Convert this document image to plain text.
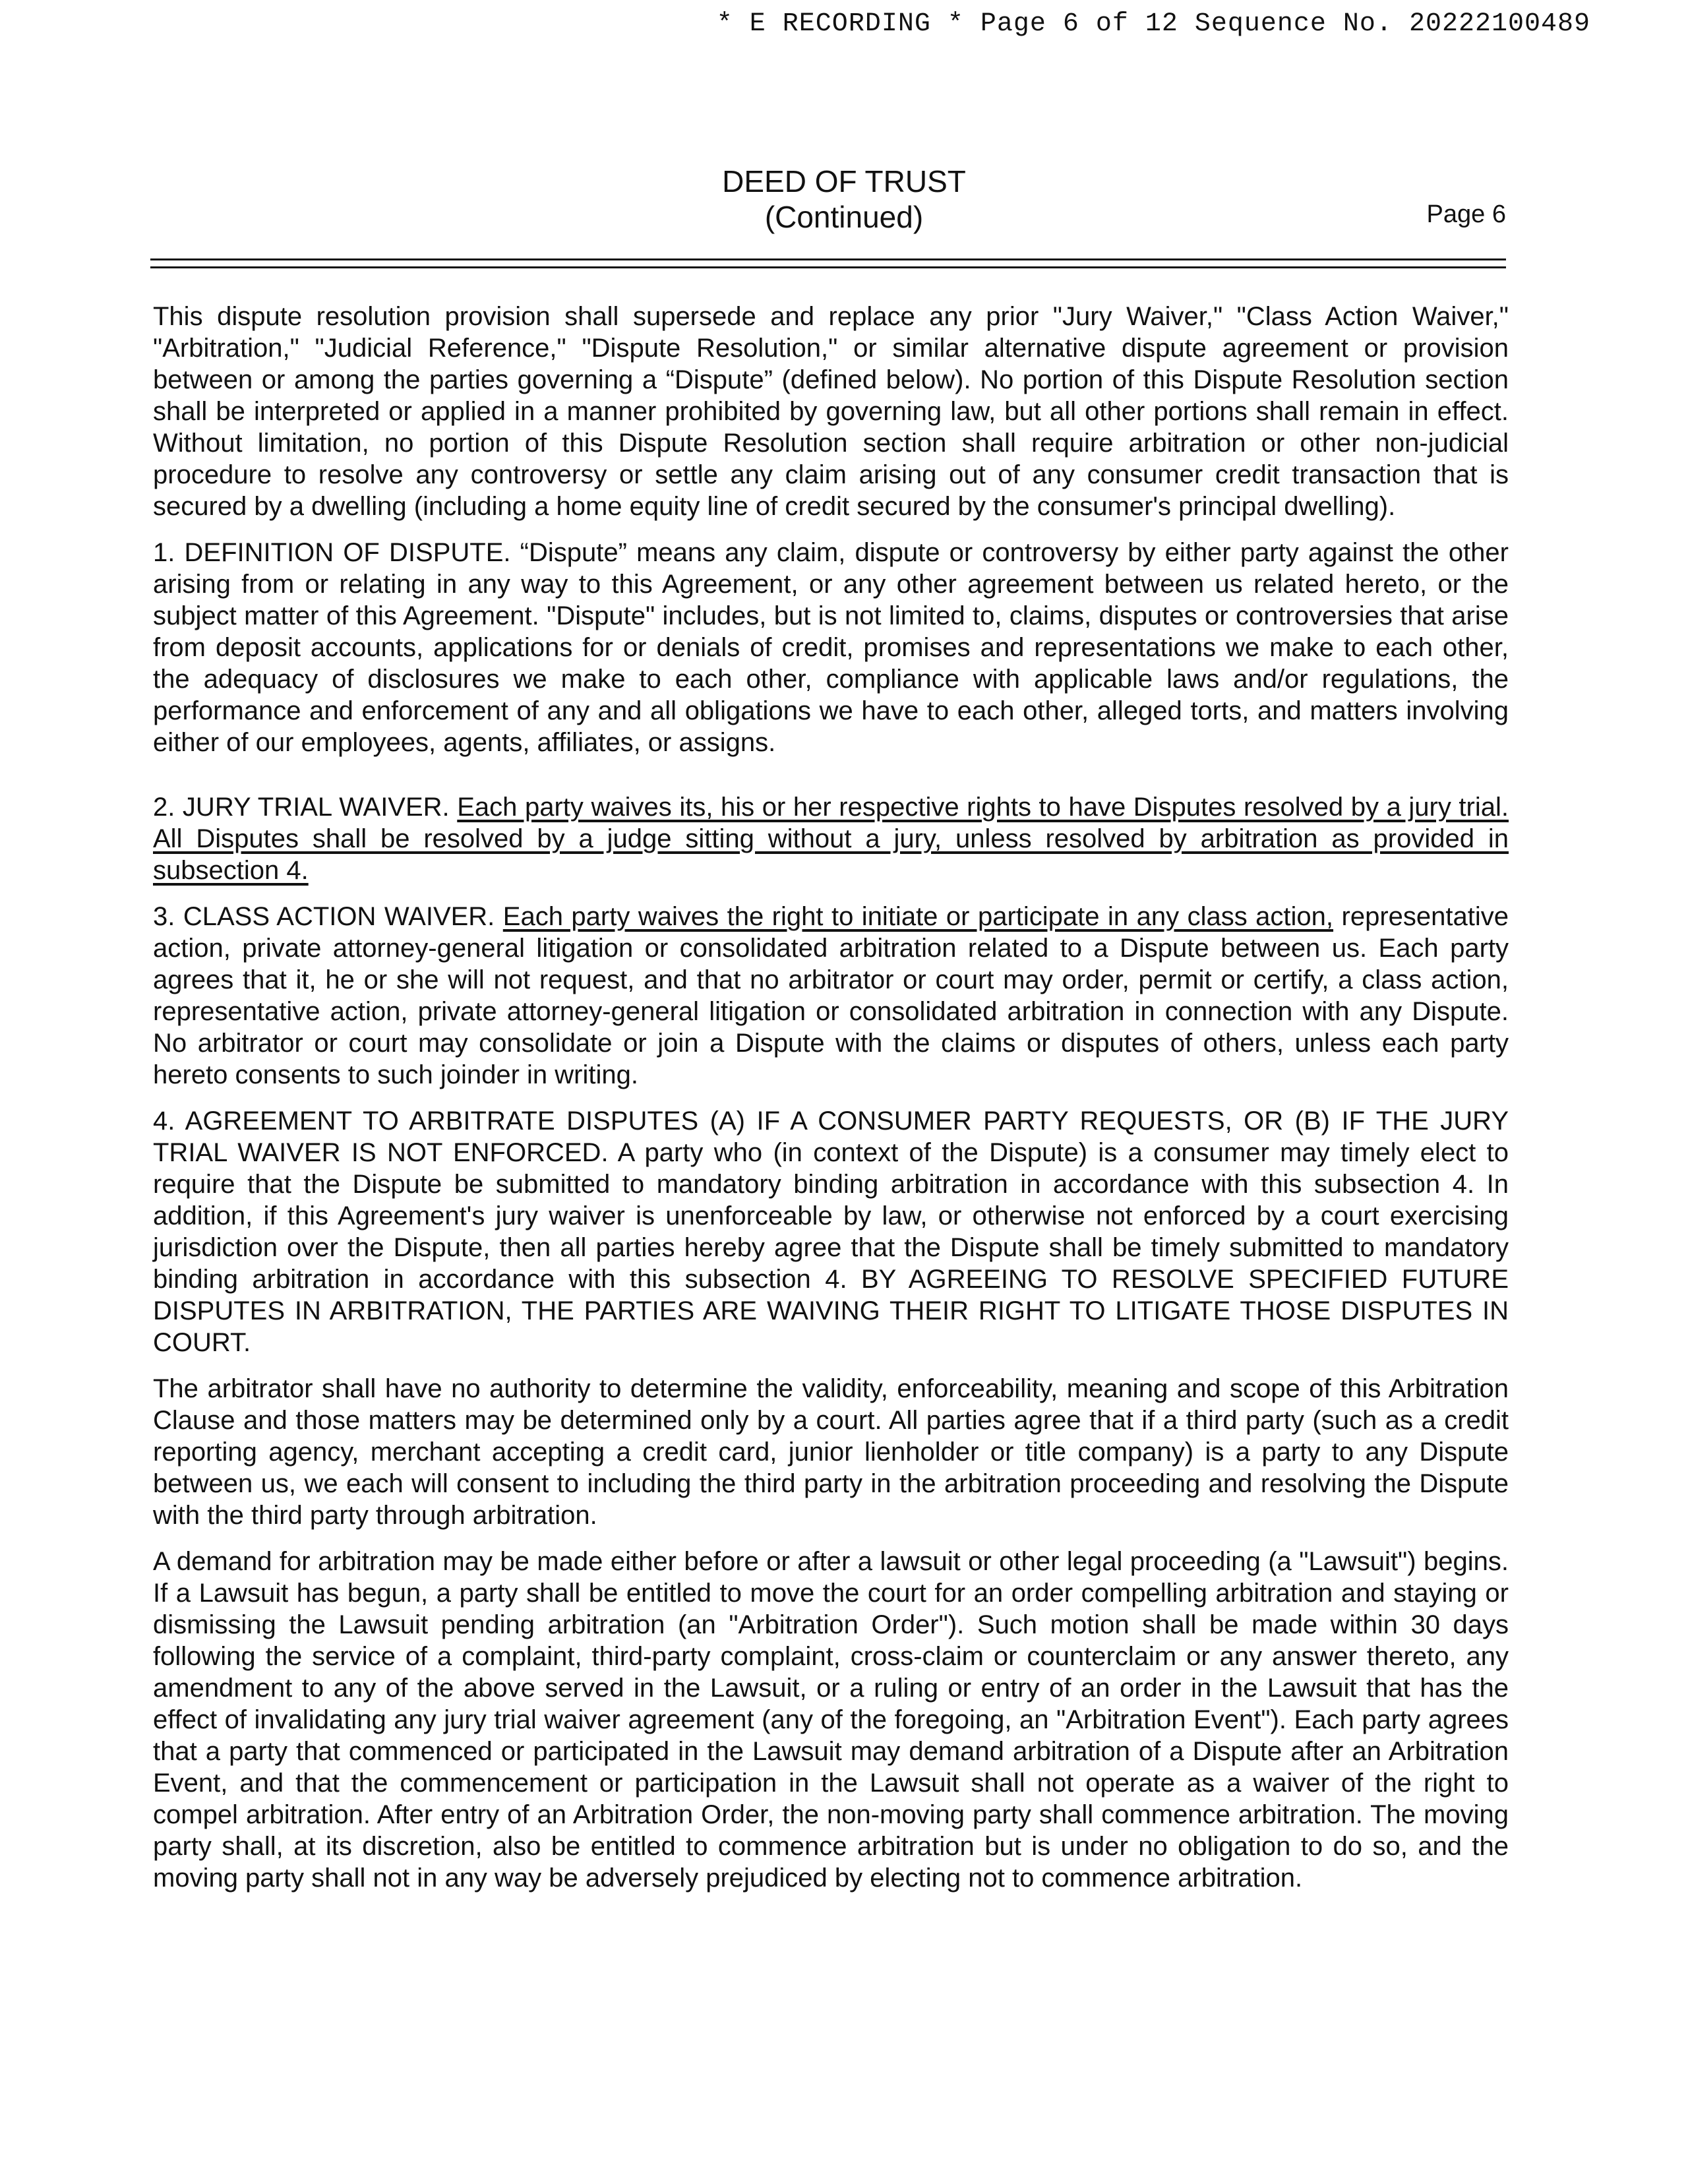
* E RECORDING * Page 6 of 12 Sequence No. 20222100489
DEED OF TRUST
(Continued)	Page 6

This dispute resolution provision shall supersede and replace any prior "Jury Waiver," "Class Action Waiver," "Arbitration," "Judicial Reference," "Dispute Resolution," or similar alternative dispute agreement or provision between or among the parties governing a “Dispute” (defined below). No portion of this Dispute Resolution section shall be interpreted or applied in a manner prohibited by governing law, but all other portions shall remain in effect. Without limitation, no portion of this Dispute Resolution section shall require arbitration or other non-judicial procedure to resolve any controversy or settle any claim arising out of any consumer credit transaction that is secured by a dwelling (including a home equity line of credit secured by the consumer's principal dwelling).

1. DEFINITION OF DISPUTE. “Dispute” means any claim, dispute or controversy by either party against the other arising from or relating in any way to this Agreement, or any other agreement between us related hereto, or the subject matter of this Agreement. "Dispute" includes, but is not limited to, claims, disputes or controversies that arise from deposit accounts, applications for or denials of credit, promises and representations we make to each other, the adequacy of disclosures we make to each other, compliance with applicable laws and/or regulations, the performance and enforcement of any and all obligations we have to each other, alleged torts, and matters involving either of our employees, agents, affiliates, or assigns.

2. JURY TRIAL WAIVER. Each party waives its, his or her respective rights to have Disputes resolved by a jury trial. All Disputes shall be resolved by a judge sitting without a jury, unless resolved by arbitration as provided in subsection 4.

3. CLASS ACTION WAIVER. Each party waives the right to initiate or participate in any class action, representative action, private attorney-general litigation or consolidated arbitration related to a Dispute between us. Each party agrees that it, he or she will not request, and that no arbitrator or court may order, permit or certify, a class action, representative action, private attorney-general litigation or consolidated arbitration in connection with any Dispute. No arbitrator or court may consolidate or join a Dispute with the claims or disputes of others, unless each party hereto consents to such joinder in writing.

4. AGREEMENT TO ARBITRATE DISPUTES (A) IF A CONSUMER PARTY REQUESTS, OR (B) IF THE JURY TRIAL WAIVER IS NOT ENFORCED. A party who (in context of the Dispute) is a consumer may timely elect to require that the Dispute be submitted to mandatory binding arbitration in accordance with this subsection 4. In addition, if this Agreement's jury waiver is unenforceable by law, or otherwise not enforced by a court exercising jurisdiction over the Dispute, then all parties hereby agree that the Dispute shall be timely submitted to mandatory binding arbitration in accordance with this subsection 4. BY AGREEING TO RESOLVE SPECIFIED FUTURE DISPUTES IN ARBITRATION, THE PARTIES ARE WAIVING THEIR RIGHT TO LITIGATE THOSE DISPUTES IN COURT.

The arbitrator shall have no authority to determine the validity, enforceability, meaning and scope of this Arbitration Clause and those matters may be determined only by a court. All parties agree that if a third party (such as a credit reporting agency, merchant accepting a credit card, junior lienholder or title company) is a party to any Dispute between us, we each will consent to including the third party in the arbitration proceeding and resolving the Dispute with the third party through arbitration.

A demand for arbitration may be made either before or after a lawsuit or other legal proceeding (a "Lawsuit") begins. If a Lawsuit has begun, a party shall be entitled to move the court for an order compelling arbitration and staying or dismissing the Lawsuit pending arbitration (an "Arbitration Order"). Such motion shall be made within 30 days following the service of a complaint, third-party complaint, cross-claim or counterclaim or any answer thereto, any amendment to any of the above served in the Lawsuit, or a ruling or entry of an order in the Lawsuit that has the effect of invalidating any jury trial waiver agreement (any of the foregoing, an "Arbitration Event"). Each party agrees that a party that commenced or participated in the Lawsuit may demand arbitration of a Dispute after an Arbitration Event, and that the commencement or participation in the Lawsuit shall not operate as a waiver of the right to compel arbitration. After entry of an Arbitration Order, the non-moving party shall commence arbitration. The moving party shall, at its discretion, also be entitled to commence arbitration but is under no obligation to do so, and the moving party shall not in any way be adversely prejudiced by electing not to commence arbitration.
